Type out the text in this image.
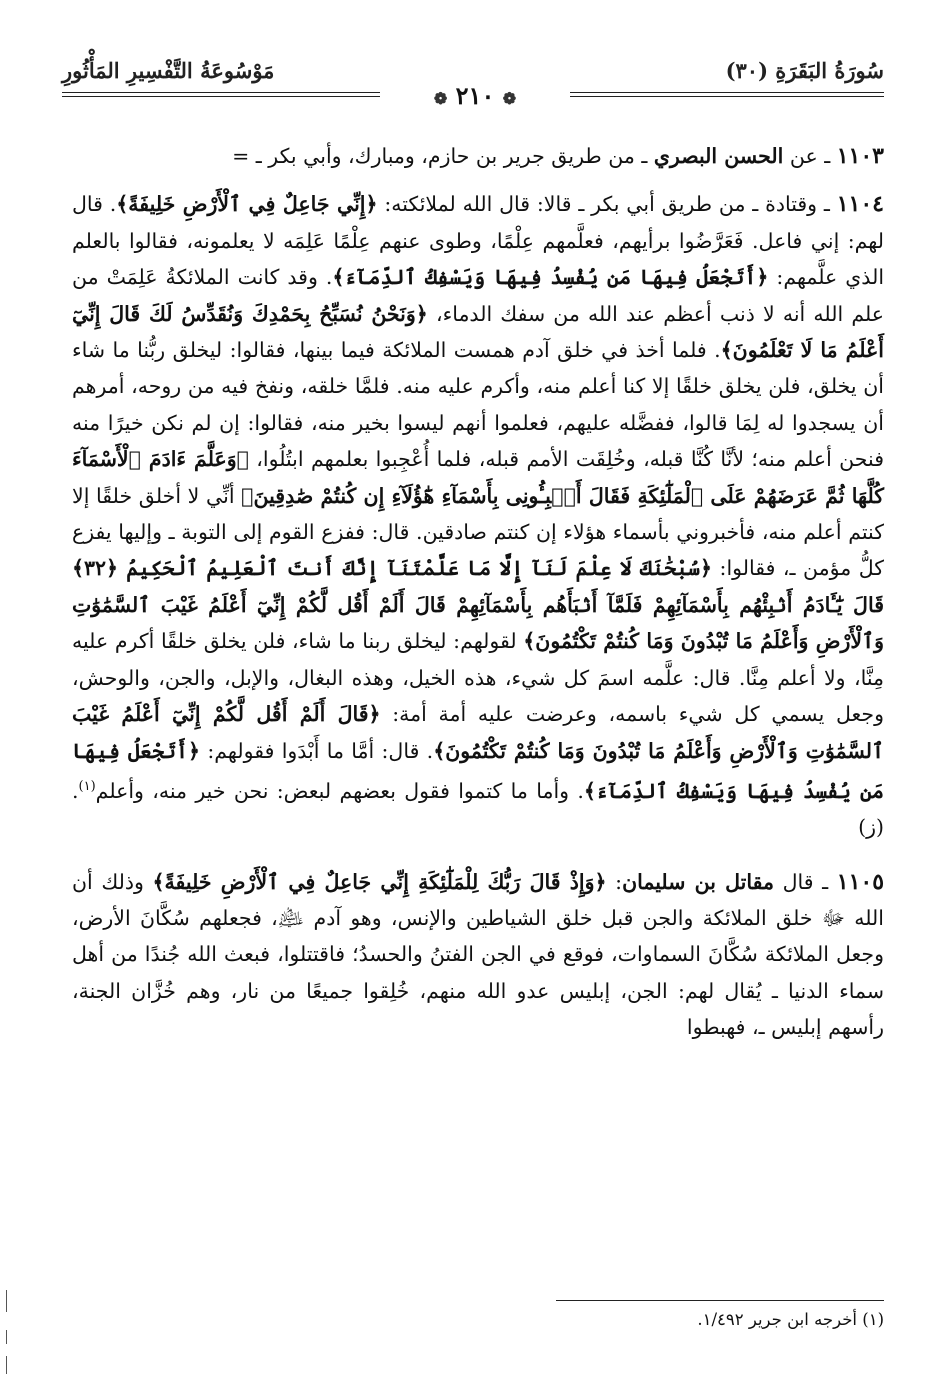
مَوْسُوعَةُ التَّفْسِيرِ المَأْثُورِ	سُورَةُ البَقَرَةِ (٣٠)
❁ ٢١٠ ❁

١١٠٣ ـ عن الحسن البصري ـ من طريق جرير بن حازم، ومبارك، وأبي بكر ـ =

١١٠٤ ـ وقتادة ـ من طريق أبي بكر ـ قالا: قال الله لملائكته: ﴿إِنِّي جَاعِلٌ فِي ٱلْأَرْضِ خَلِيفَةً﴾. قال لهم: إني فاعل. فَعَرَّضُوا برأيهم، فعلَّمهم عِلْمًا، وطوى عنهم عِلْمًا عَلِمَه لا يعلمونه، فقالوا بالعلم الذي علَّمهم: ﴿أَتَجْعَلُ فِيهَا مَن يُفْسِدُ فِيهَا وَيَسْفِكُ ٱلدِّمَآءَ﴾. وقد كانت الملائكةُ عَلِمَتْ من علم الله أنه لا ذنب أعظم عند الله من سفك الدماء، ﴿وَنَحْنُ نُسَبِّحُ بِحَمْدِكَ وَنُقَدِّسُ لَكَ قَالَ إِنِّيٓ أَعْلَمُ مَا لَا تَعْلَمُونَ﴾. فلما أخذ في خلق آدم همست الملائكة فيما بينها، فقالوا: ليخلق ربُّنا ما شاء أن يخلق، فلن يخلق خلقًا إلا كنا أعلم منه، وأكرم عليه منه. فلمَّا خلقه، ونفخ فيه من روحه، أمرهم أن يسجدوا له لِمَا قالوا، ففضَّله عليهم، فعلموا أنهم ليسوا بخير منه، فقالوا: إن لم نكن خيرًا منه فنحن أعلم منه؛ لأنَّا كُنَّا قبله، وخُلِقَت الأمم قبله، فلما أُعْجِبوا بعلمهم ابتُلُوا، ﴿وَعَلَّمَ ءَادَمَ ٱلْأَسْمَآءَ كُلَّهَا ثُمَّ عَرَضَهُمْ عَلَى ٱلْمَلَٰٓئِكَةِ فَقَالَ أَنۢبِـُٔونِى بِأَسْمَآءِ هَٰٓؤُلَآءِ إِن كُنتُمْ صَٰدِقِينَ﴾ أنِّي لا أخلق خلقًا إلا كنتم أعلم منه، فأخبروني بأسماء هؤلاء إن كنتم صادقين. قال: ففزع القوم إلى التوبة ـ وإليها يفزع كلُّ مؤمن ـ، فقالوا: ﴿سُبْحَٰنَكَ لَا عِلْمَ لَنَآ إِلَّا مَا عَلَّمْتَنَآ إِنَّكَ أَنتَ ٱلْعَلِيمُ ٱلْحَكِيمُ ﴿٣٢﴾ قَالَ يَٰٓـَٔادَمُ أَنۢبِئْهُم بِأَسْمَآئِهِمْ فَلَمَّآ أَنۢبَأَهُم بِأَسْمَآئِهِمْ قَالَ أَلَمْ أَقُل لَّكُمْ إِنِّيٓ أَعْلَمُ غَيْبَ ٱلسَّمَٰوَٰتِ وَٱلْأَرْضِ وَأَعْلَمُ مَا تُبْدُونَ وَمَا كُنتُمْ تَكْتُمُونَ﴾ لقولهم: ليخلق ربنا ما شاء، فلن يخلق خلقًا أكرم عليه مِنَّا، ولا أعلم مِنَّا. قال: علَّمه اسمَ كل شيء، هذه الخيل، وهذه البغال، والإبل، والجن، والوحش، وجعل يسمي كل شيء باسمه، وعرضت عليه أمة أمة: ﴿قَالَ أَلَمْ أَقُل لَّكُمْ إِنِّيٓ أَعْلَمُ غَيْبَ ٱلسَّمَٰوَٰتِ وَٱلْأَرْضِ وَأَعْلَمُ مَا تُبْدُونَ وَمَا كُنتُمْ تَكْتُمُونَ﴾. قال: أمَّا ما أَبْدَوا فقولهم: ﴿أَتَجْعَلُ فِيهَا مَن يُفْسِدُ فِيهَا وَيَسْفِكُ ٱلدِّمَآءَ﴾. وأما ما كتموا فقول بعضهم لبعض: نحن خير منه، وأعلم$^{(١)}$. (ز)

١١٠٥ ـ قال مقاتل بن سليمان: ﴿وَإِذْ قَالَ رَبُّكَ لِلْمَلَٰٓئِكَةِ إِنِّي جَاعِلٌ فِي ٱلْأَرْضِ خَلِيفَةً﴾ وذلك أن الله ﷻ خلق الملائكة والجن قبل خلق الشياطين والإنس، وهو آدم ﵇، فجعلهم سُكَّانَ الأرض، وجعل الملائكة سُكَّانَ السماوات، فوقع في الجن الفتنُ والحسدُ؛ فاقتتلوا، فبعث الله جُندًا من أهل سماء الدنيا ـ يُقال لهم: الجن، إبليس عدو الله منهم، خُلِقوا جميعًا من نار، وهم خُزَّان الجنة، رأسهم إبليس ـ، فهبطوا

(١) أخرجه ابن جرير ١/٤٩٢.
